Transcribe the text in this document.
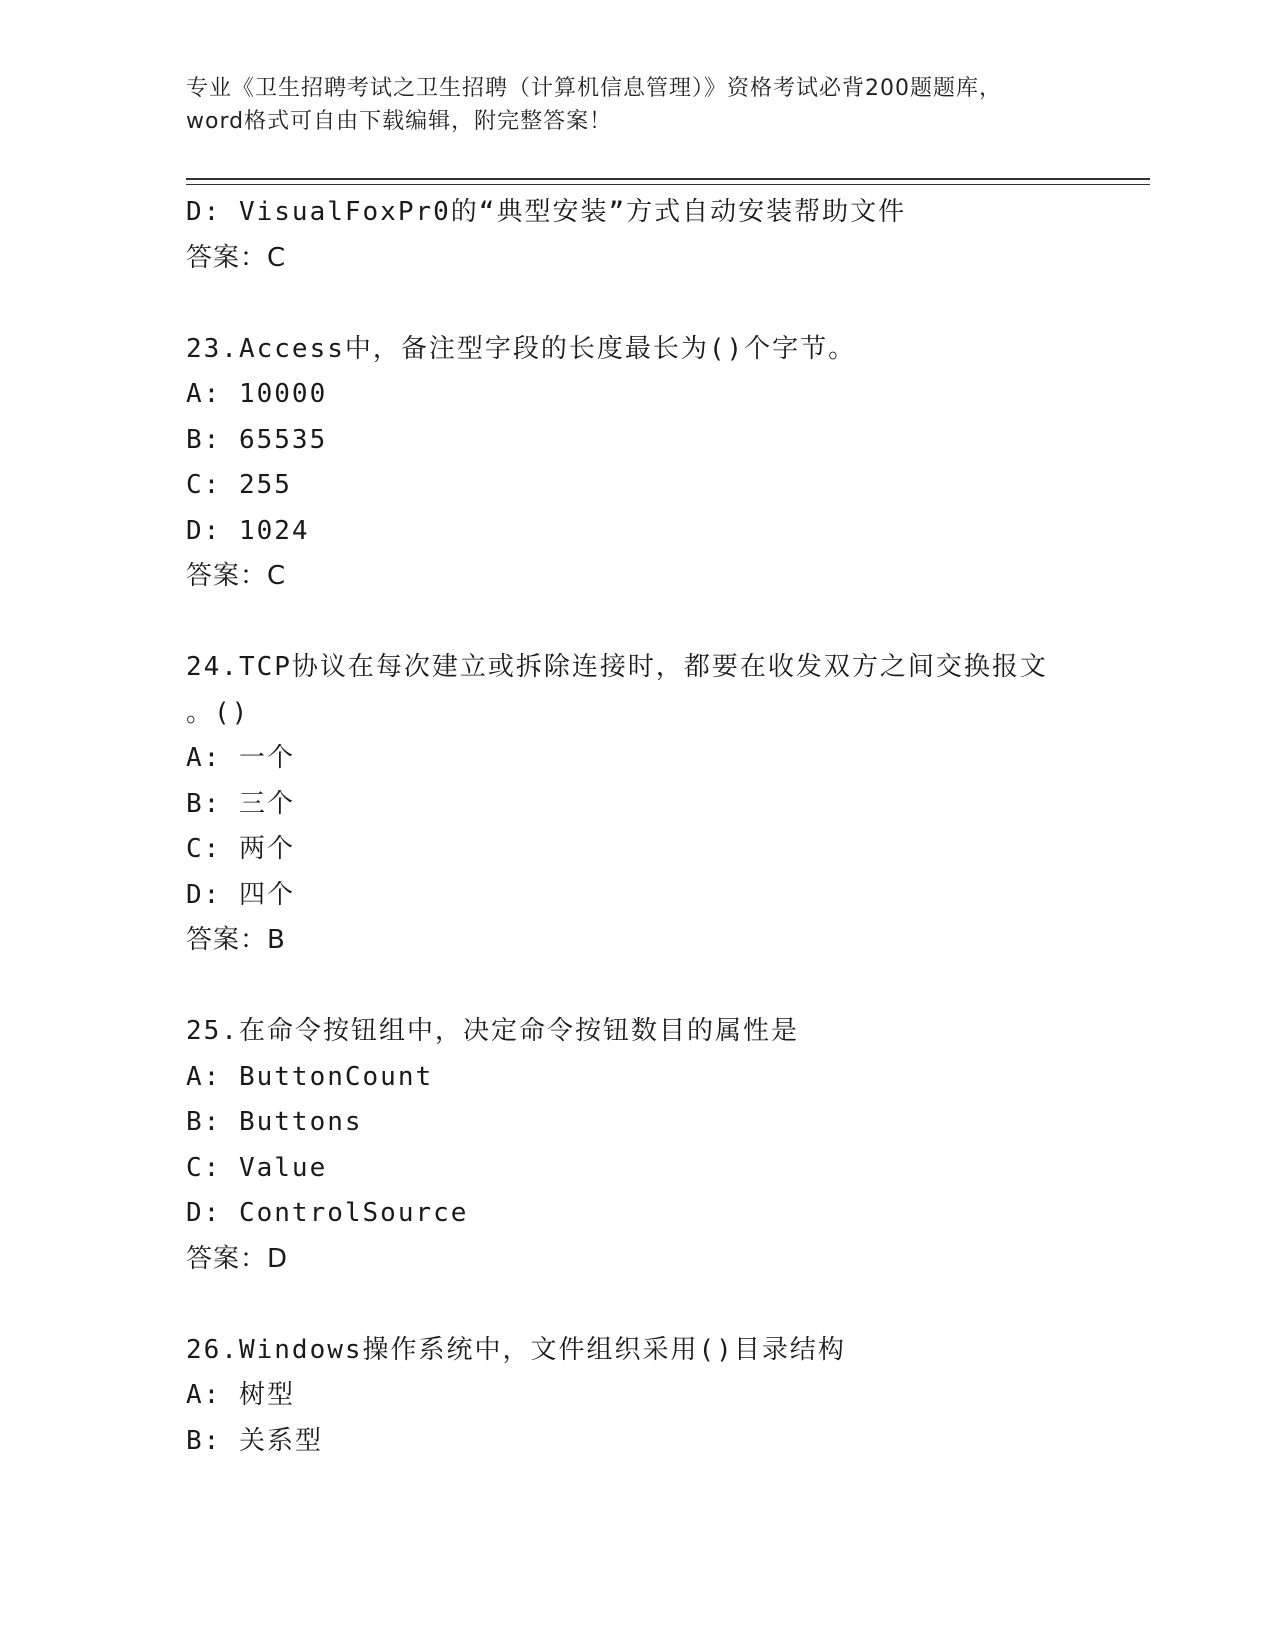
专业《卫生招聘考试之卫生招聘（计算机信息管理）》资格考试必背200题题库，
word格式可自由下载编辑，附完整答案！
D: VisualFoxPr0的“典型安装”方式自动安装帮助文件
答案：C
23.Access中，备注型字段的长度最长为()个字节。
A: 10000
B: 65535
C: 255
D: 1024
答案：C
24.TCP协议在每次建立或拆除连接时，都要在收发双方之间交换报文
。()
A: 一个
B: 三个
C: 两个
D: 四个
答案：B
25.在命令按钮组中，决定命令按钮数目的属性是
A: ButtonCount
B: Buttons
C: Value
D: ControlSource
答案：D
26.Windows操作系统中，文件组织采用()目录结构
A: 树型
B: 关系型
